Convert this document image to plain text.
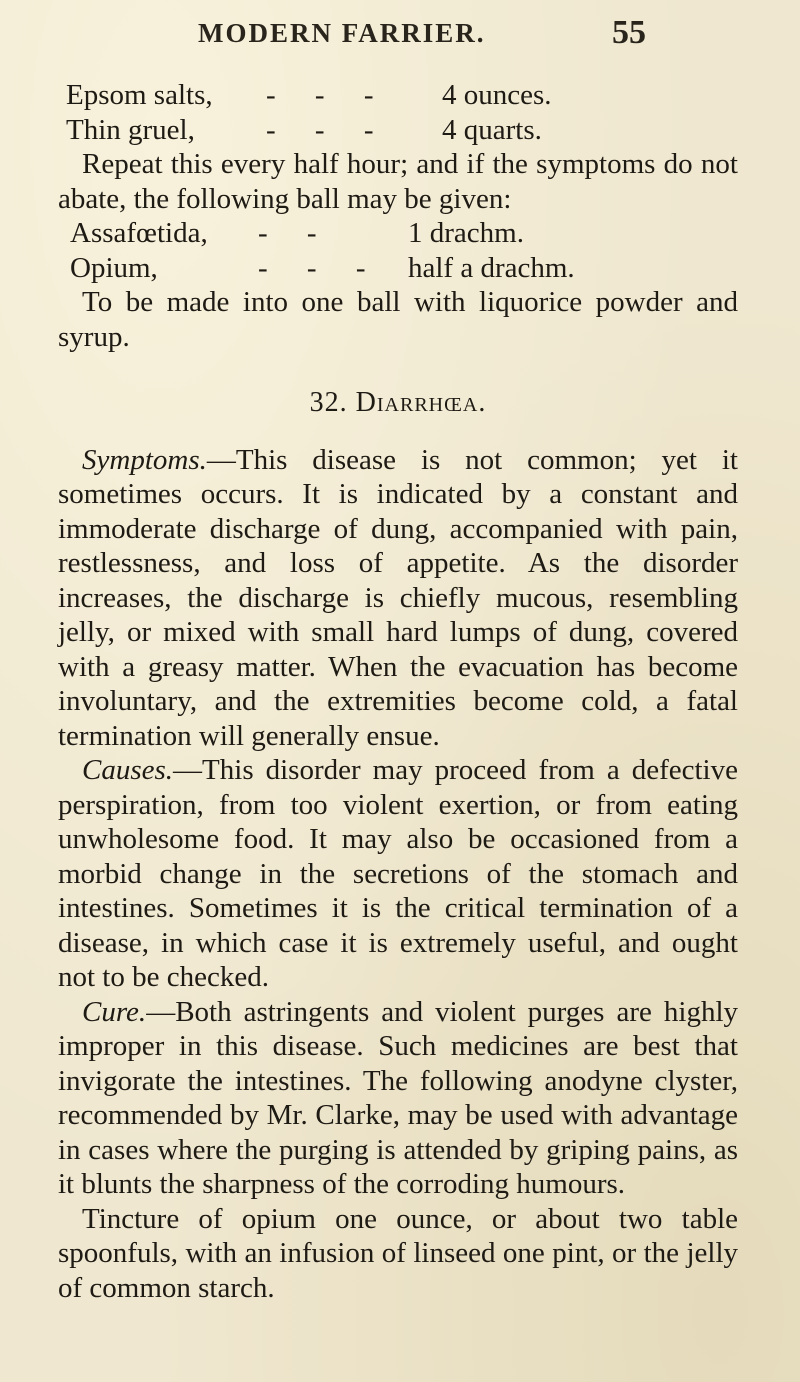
MODERN FARRIER.	55
Epsom salts, - - - 4 ounces.
Thin gruel, - - - 4 quarts.

Repeat this every half hour; and if the symptoms do not abate, the following ball may be given:

Assafœtida, - -	1 drachm.
Opium,	- - - half a drachm.

To be made into one ball with liquorice powder and syrup.

32. Diarrhœa.

Symptoms.—This disease is not common; yet it sometimes occurs. It is indicated by a constant and immoderate discharge of dung, accompanied with pain, restlessness, and loss of appetite. As the disorder increases, the discharge is chiefly mucous, resembling jelly, or mixed with small hard lumps of dung, covered with a greasy matter. When the evacuation has become involuntary, and the extremities become cold, a fatal termination will generally ensue.

Causes.—This disorder may proceed from a defective perspiration, from too violent exertion, or from eating unwholesome food. It may also be occasioned from a morbid change in the secretions of the stomach and intestines. Sometimes it is the critical termination of a disease, in which case it is extremely useful, and ought not to be checked.

Cure.—Both astringents and violent purges are highly improper in this disease. Such medicines are best that invigorate the intestines. The following anodyne clyster, recommended by Mr. Clarke, may be used with advantage in cases where the purging is attended by griping pains, as it blunts the sharpness of the corroding humours.

Tincture of opium one ounce, or about two table spoonfuls, with an infusion of linseed one pint, or the jelly of common starch.
